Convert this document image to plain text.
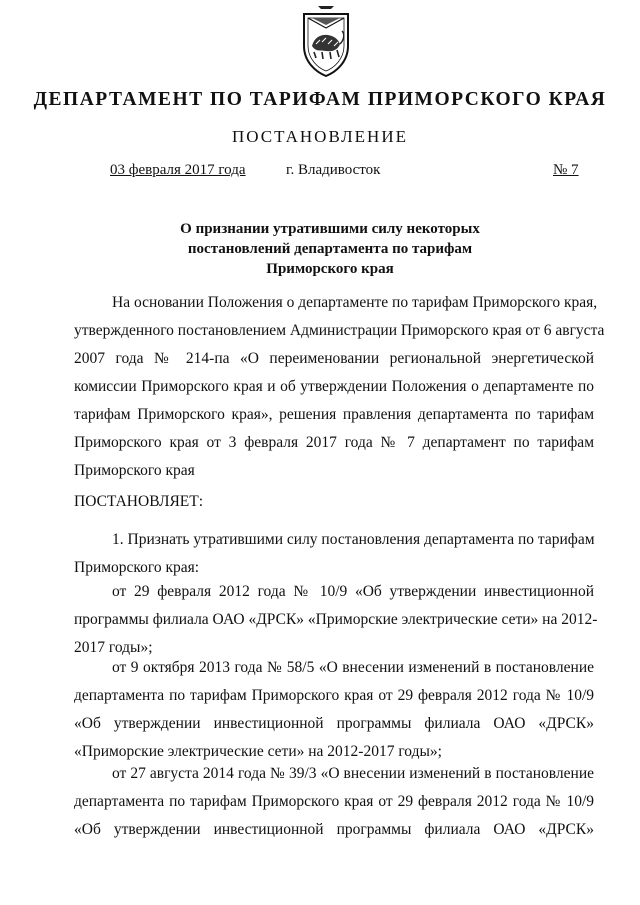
ДЕПАРТАМЕНТ ПО ТАРИФАМ ПРИМОРСКОГО КРАЯ
ПОСТАНОВЛЕНИЕ
03 февраля 2017 года	г. Владивосток	№ 7
О признании утратившими силу некоторых
постановлений департамента по тарифам
Приморского края
На основании Положения о департаменте по тарифам Приморского края,
утвержденного постановлением Администрации Приморского края от 6 августа
2007 года № 214-па «О переименовании региональной энергетической
комиссии Приморского края и об утверждении Положения о департаменте по
тарифам Приморского края», решения правления департамента по тарифам
Приморского края от 3 февраля 2017 года № 7 департамент по тарифам
Приморского края
ПОСТАНОВЛЯЕТ:
1. Признать утратившими силу постановления департамента по тарифам
Приморского края:
от 29 февраля 2012 года № 10/9 «Об утверждении инвестиционной
программы филиала ОАО «ДРСК» «Приморские электрические сети» на 2012-
2017 годы»;
от 9 октября 2013 года № 58/5 «О внесении изменений в постановление
департамента по тарифам Приморского края от 29 февраля 2012 года № 10/9
«Об утверждении инвестиционной программы филиала ОАО «ДРСК»
«Приморские электрические сети» на 2012-2017 годы»;
от 27 августа 2014 года № 39/3 «О внесении изменений в постановление
департамента по тарифам Приморского края от 29 февраля 2012 года № 10/9
«Об утверждении инвестиционной программы филиала ОАО «ДРСК»
